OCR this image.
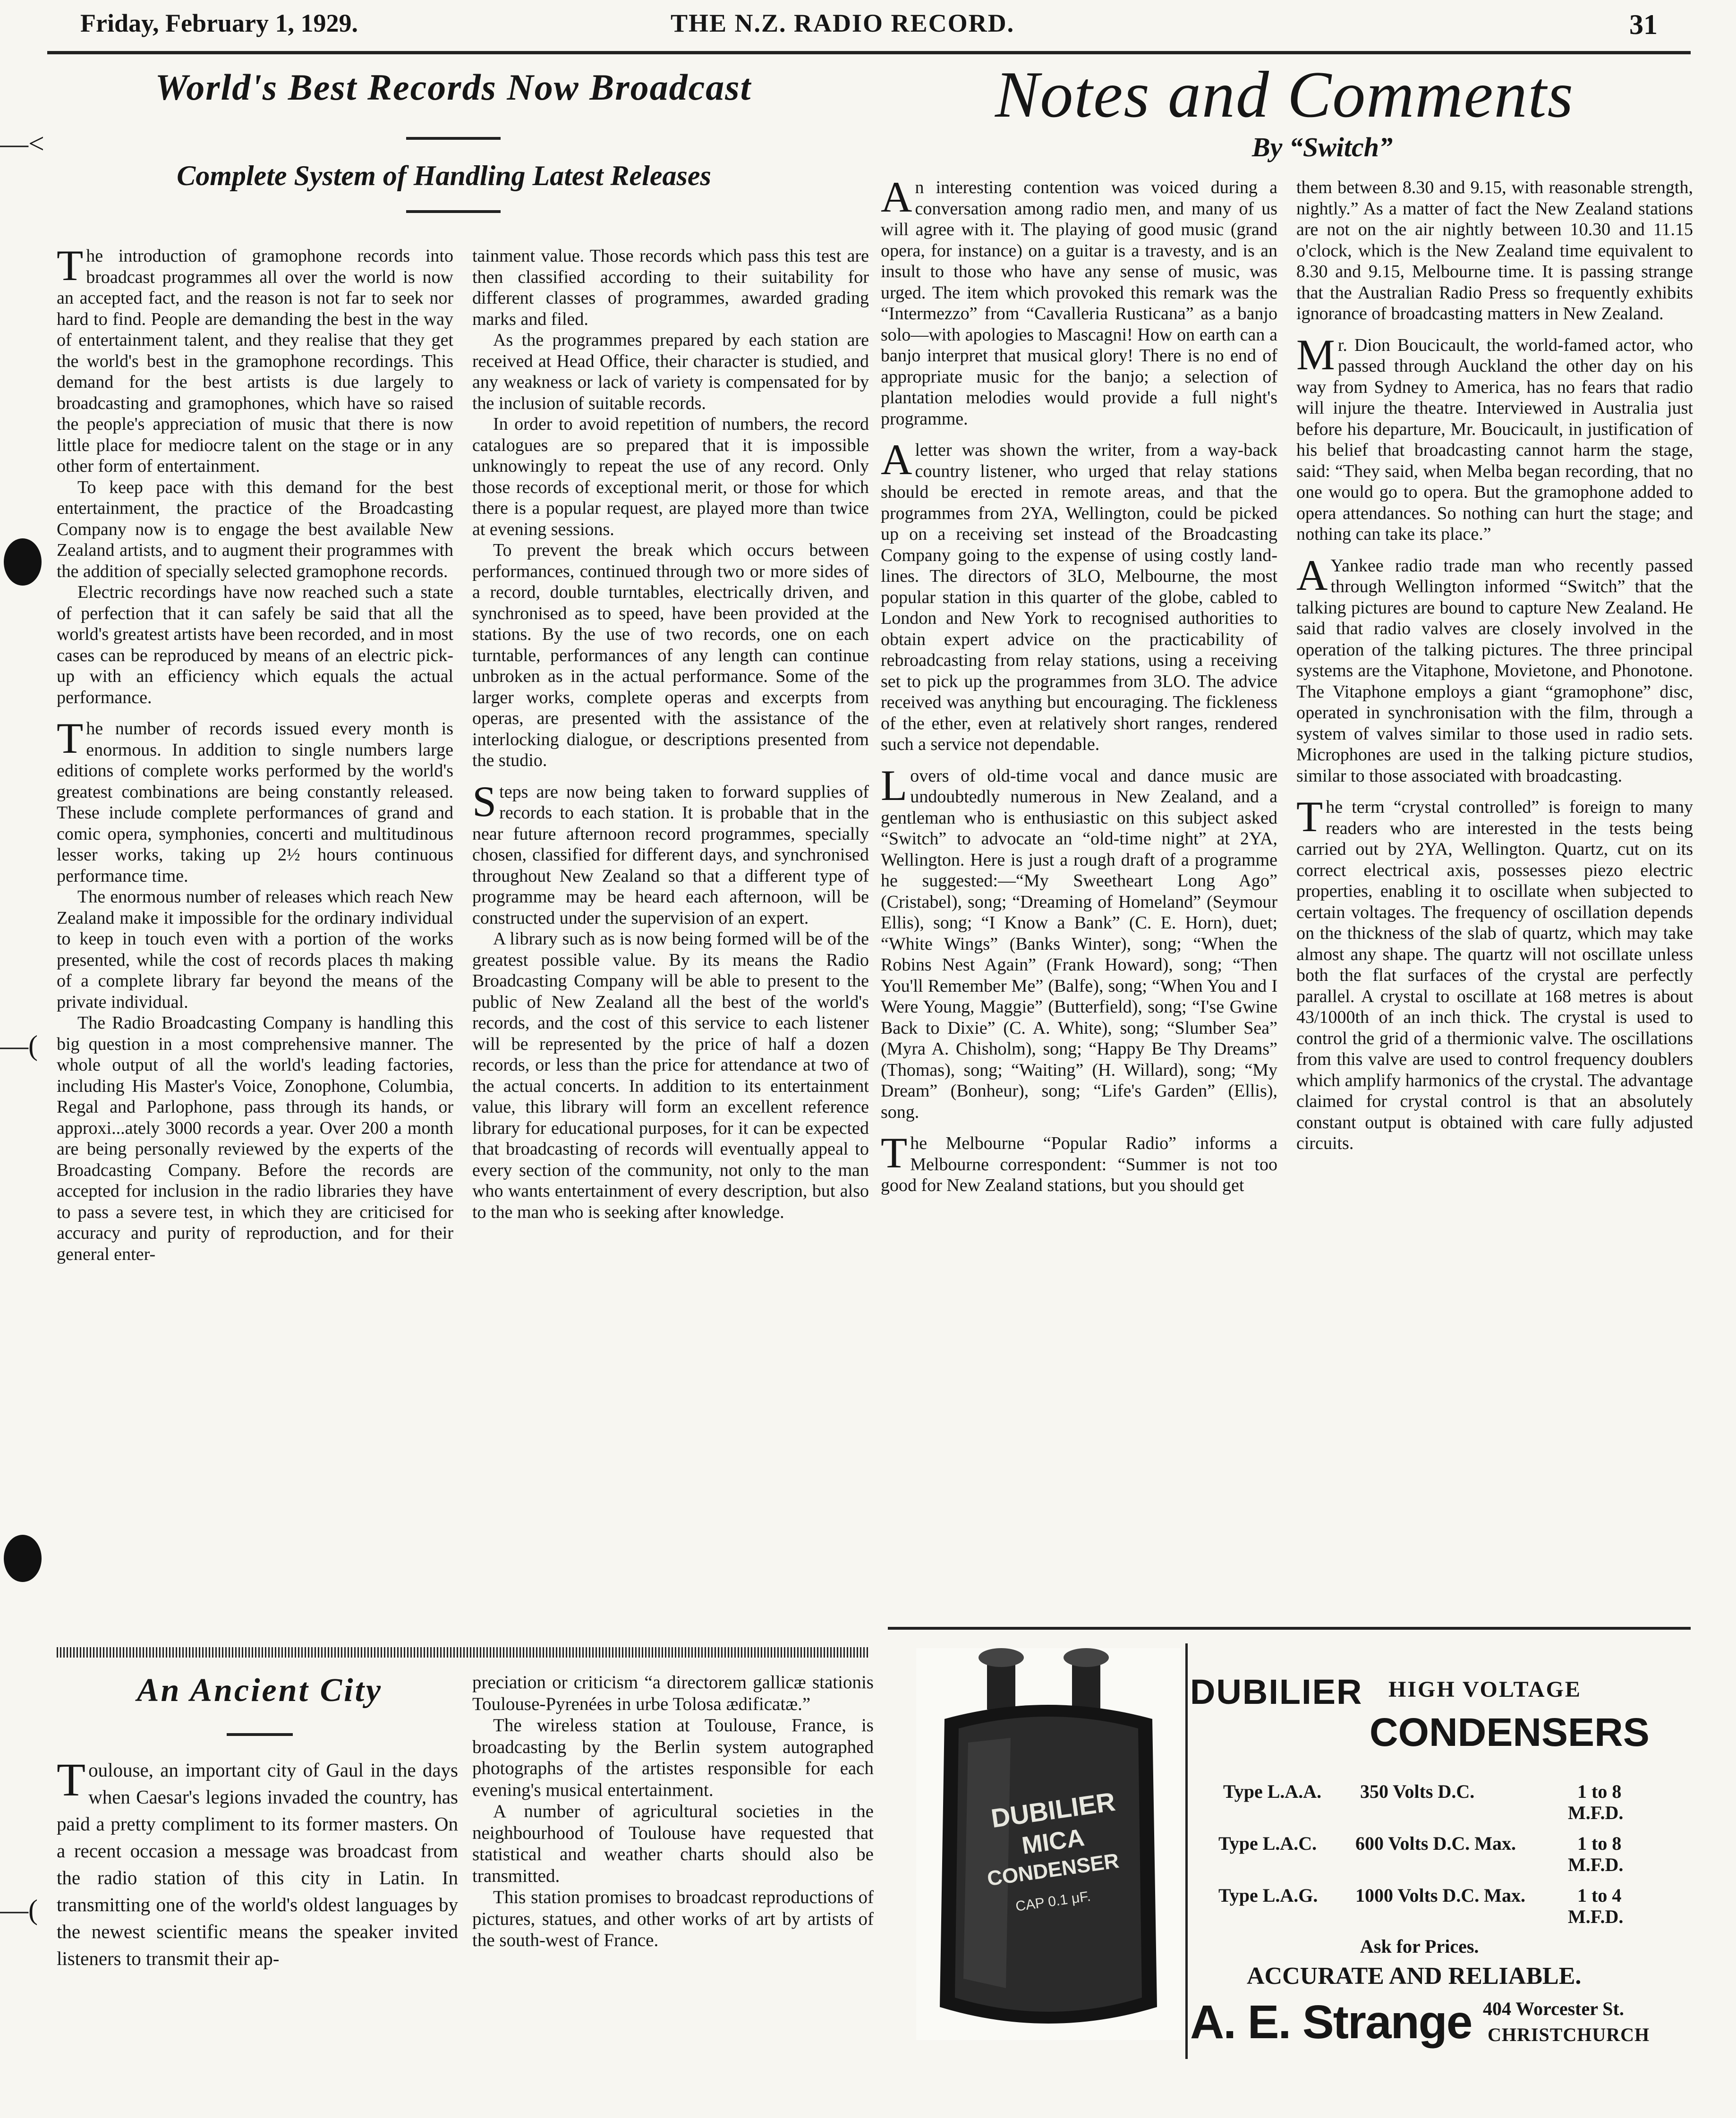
Friday, February 1, 1929.	THE N.Z. RADIO RECORD.	31
World's Best Records Now Broadcast
Complete System of Handling Latest Releases

The introduction of gramophone records into broadcast programmes all over the world is now an accepted fact, and the reason is not far to seek nor hard to find. People are demanding the best in the way of entertainment talent, and they realise that they get the world's best in the gramophone recordings. This demand for the best artists is due largely to broadcasting and gramophones, which have so raised the people's appreciation of music that there is now little place for mediocre talent on the stage or in any other form of entertainment.

To keep pace with this demand for the best entertainment, the practice of the Broadcasting Company now is to engage the best available New Zealand artists, and to augment their programmes with the addition of specially selected gramophone records.

Electric recordings have now reached such a state of perfection that it can safely be said that all the world's greatest artists have been recorded, and in most cases can be reproduced by means of an electric pick-up with an efficiency which equals the actual performance.

The number of records issued every month is enormous. In addition to single numbers large editions of complete works performed by the world's greatest combinations are being constantly released. These include complete performances of grand and comic opera, symphonies, concerti and multitudinous lesser works, taking up 2½ hours continuous performance time.

The enormous number of releases which reach New Zealand make it impossible for the ordinary individual to keep in touch even with a portion of the works presented, while the cost of records places th making of a complete library far beyond the means of the private individual.

The Radio Broadcasting Company is handling this big question in a most comprehensive manner. The whole output of all the world's leading factories, including His Master's Voice, Zonophone, Columbia, Regal and Parlophone, pass through its hands, or approxi...ately 3000 records a year. Over 200 a month are being personally reviewed by the experts of the Broadcasting Company. Before the records are accepted for inclusion in the radio libraries they have to pass a severe test, in which they are criticised for accuracy and purity of reproduction, and for their general enter-

tainment value. Those records which pass this test are then classified according to their suitability for different classes of programmes, awarded grading marks and filed.

As the programmes prepared by each station are received at Head Office, their character is studied, and any weakness or lack of variety is compensated for by the inclusion of suitable records.

In order to avoid repetition of numbers, the record catalogues are so prepared that it is impossible unknowingly to repeat the use of any record. Only those records of exceptional merit, or those for which there is a popular request, are played more than twice at evening sessions.

To prevent the break which occurs between performances, continued through two or more sides of a record, double turntables, electrically driven, and synchronised as to speed, have been provided at the stations. By the use of two records, one on each turntable, performances of any length can continue unbroken as in the actual performance. Some of the larger works, complete operas and excerpts from operas, are presented with the assistance of the interlocking dialogue, or descriptions presented from the studio.

Steps are now being taken to forward supplies of records to each station. It is probable that in the near future afternoon record programmes, specially chosen, classified for different days, and synchronised throughout New Zealand so that a different type of programme may be heard each afternoon, will be constructed under the supervision of an expert.

A library such as is now being formed will be of the greatest possible value. By its means the Radio Broadcasting Company will be able to present to the public of New Zealand all the best of the world's records, and the cost of this service to each listener will be represented by the price of half a dozen records, or less than the price for attendance at two of the actual concerts. In addition to its entertainment value, this library will form an excellent reference library for educational purposes, for it can be expected that broadcasting of records will eventually appeal to every section of the community, not only to the man who wants entertainment of every description, but also to the man who is seeking after knowledge.

—<
—(
—(
An Ancient City

Toulouse, an important city of Gaul in the days when Caesar's legions invaded the country, has paid a pretty compliment to its former masters. On a recent occasion a message was broadcast from the radio station of this city in Latin. In transmitting one of the world's oldest languages by the newest scientific means the speaker invited listeners to transmit their ap-

preciation or criticism “a directorem gallicæ stationis Toulouse-Pyrenées in urbe Tolosa ædificatæ.”

The wireless station at Toulouse, France, is broadcasting by the Berlin system autographed photographs of the artistes responsible for each evening's musical entertainment.

A number of agricultural societies in the neighbourhood of Toulouse have requested that statistical and weather charts should also be transmitted.

This station promises to broadcast reproductions of pictures, statues, and other works of art by artists of the south-west of France.

Notes and Comments
By “Switch”

An interesting contention was voiced during a conversation among radio men, and many of us will agree with it. The playing of good music (grand opera, for instance) on a guitar is a travesty, and is an insult to those who have any sense of music, was urged. The item which provoked this remark was the “Intermezzo” from “Cavalleria Rusticana” as a banjo solo—with apologies to Mascagni! How on earth can a banjo interpret that musical glory! There is no end of appropriate music for the banjo; a selection of plantation melodies would provide a full night's programme.

A letter was shown the writer, from a way-back country listener, who urged that relay stations should be erected in remote areas, and that the programmes from 2YA, Wellington, could be picked up on a receiving set instead of the Broadcasting Company going to the expense of using costly land-lines. The directors of 3LO, Melbourne, the most popular station in this quarter of the globe, cabled to London and New York to recognised authorities to obtain expert advice on the practicability of rebroadcasting from relay stations, using a receiving set to pick up the programmes from 3LO. The advice received was anything but encouraging. The fickleness of the ether, even at relatively short ranges, rendered such a service not dependable.

Lovers of old-time vocal and dance music are undoubtedly numerous in New Zealand, and a gentleman who is enthusiastic on this subject asked “Switch” to advocate an “old-time night” at 2YA, Wellington. Here is just a rough draft of a programme he suggested:—“My Sweetheart Long Ago” (Cristabel), song; “Dreaming of Homeland” (Seymour Ellis), song; “I Know a Bank” (C. E. Horn), duet; “White Wings” (Banks Winter), song; “When the Robins Nest Again” (Frank Howard), song; “Then You'll Remember Me” (Balfe), song; “When You and I Were Young, Maggie” (Butterfield), song; “I'se Gwine Back to Dixie” (C. A. White), song; “Slumber Sea” (Myra A. Chisholm), song; “Happy Be Thy Dreams” (Thomas), song; “Waiting” (H. Willard), song; “My Dream” (Bonheur), song; “Life's Garden” (Ellis), song.

The Melbourne “Popular Radio” informs a Melbourne correspondent: “Summer is not too good for New Zealand stations, but you should get

them between 8.30 and 9.15, with reasonable strength, nightly.” As a matter of fact the New Zealand stations are not on the air nightly between 10.30 and 11.15 o'clock, which is the New Zealand time equivalent to 8.30 and 9.15, Melbourne time. It is passing strange that the Australian Radio Press so frequently exhibits ignorance of broadcasting matters in New Zealand.

Mr. Dion Boucicault, the world-famed actor, who passed through Auckland the other day on his way from Sydney to America, has no fears that radio will injure the theatre. Interviewed in Australia just before his departure, Mr. Boucicault, in justification of his belief that broadcasting cannot harm the stage, said: “They said, when Melba began recording, that no one would go to opera. But the gramophone added to opera attendances. So nothing can hurt the stage; and nothing can take its place.”

A Yankee radio trade man who recently passed through Wellington informed “Switch” that the talking pictures are bound to capture New Zealand. He said that radio valves are closely involved in the operation of the talking pictures. The three principal systems are the Vitaphone, Movietone, and Phonotone. The Vitaphone employs a giant “gramophone” disc, operated in synchronisation with the film, through a system of valves similar to those used in radio sets. Microphones are used in the talking picture studios, similar to those associated with broadcasting.

The term “crystal controlled” is foreign to many readers who are interested in the tests being carried out by 2YA, Wellington. Quartz, cut on its correct electrical axis, possesses piezo electric properties, enabling it to oscillate when subjected to certain voltages. The frequency of oscillation depends on the thickness of the slab of quartz, which may take almost any shape. The quartz will not oscillate unless both the flat surfaces of the crystal are perfectly parallel. A crystal to oscillate at 168 metres is about 43/1000th of an inch thick. The crystal is used to control the grid of a thermionic valve. The oscillations from this valve are used to control frequency doublers which amplify harmonics of the crystal. The advantage claimed for crystal control is that an absolutely constant output is obtained with care fully adjusted circuits.

DUBILIER
MICA
CONDENSER
CAP 0.1 μF.
DUBILIER HIGH VOLTAGE
CONDENSERS
Type L.A.A. 350 Volts D.C.	1 to 8
M.F.D.
Type L.A.C. 600 Volts D.C. Max.	1 to 8
M.F.D.
Type L.A.G. 1000 Volts D.C. Max.	1 to 4
M.F.D.
Ask for Prices.
ACCURATE AND RELIABLE.
A. E. Strange 404 Worcester St.
CHRISTCHURCH
